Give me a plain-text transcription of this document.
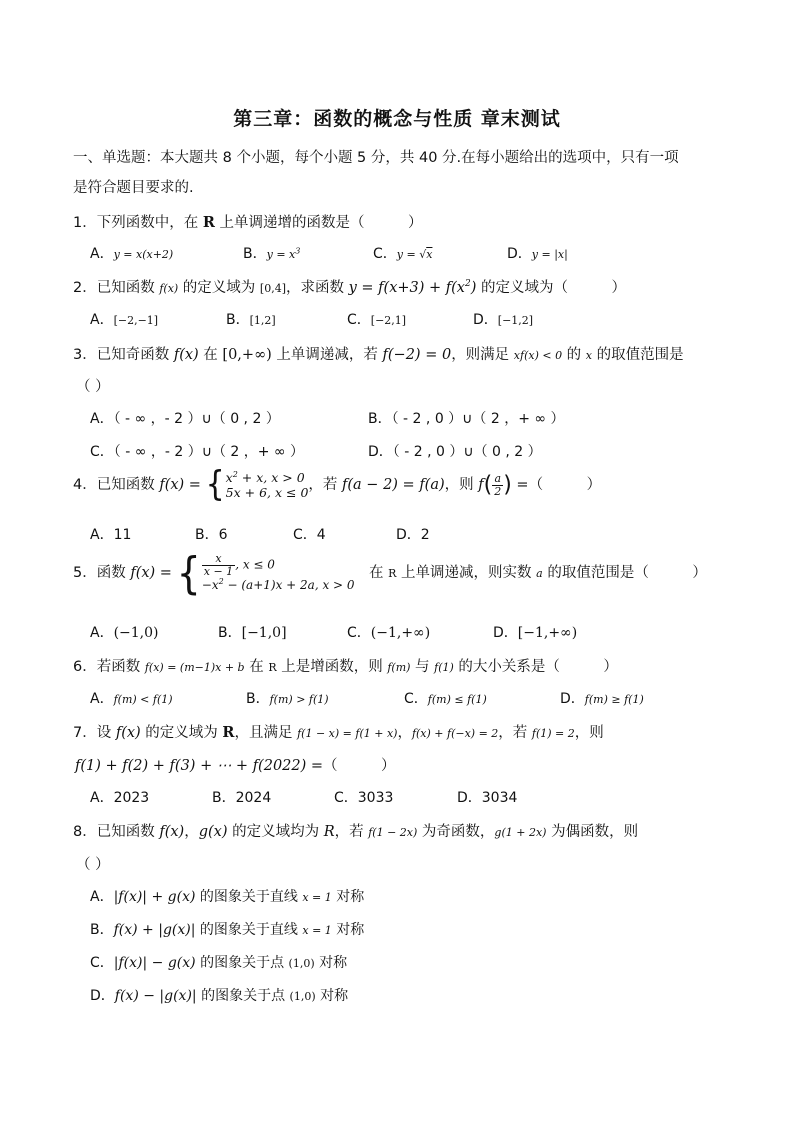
第三章：函数的概念与性质 章末测试
一、单选题：本大题共 8 个小题，每个小题 5 分，共 40 分.在每小题给出的选项中，只有一项
是符合题目要求的.
1．下列函数中，在 R 上单调递增的函数是（   ）
A．y = x(x+2)	B．$y = x^3$	C．y = √x	D．y = |x|
2．已知函数 f(x) 的定义域为 [0,4]，求函数 $y = f(x+3) + f(x^2)$ 的定义域为（   ）
A．[−2,−1]	B．[1,2]	C．[−2,1]	D．[−1,2]
3．已知奇函数 f(x) 在 [0,+∞) 上单调递减，若 f(−2) = 0，则满足 xf(x) < 0 的 x 的取值范围是
（ ）
A．（ - ∞ ，- 2 ）∪（ 0 , 2 ）	B．（ - 2 , 0 ）∪（ 2 ，+ ∞ ）
C．（ - ∞ ，- 2 ）∪（ 2 ，+ ∞ ）	D．（ - 2 , 0 ）∪（ 0 , 2 ）
4．已知函数 f(x) = { $x^2 + x$, x > 0
5x + 6, x ≤ 0 ，若 f(a − 2) = f(a)，则 $f( \frac{a}{2}$ ) =（   ）
A．11	B．6	C．4	D．2
5．函数 f(x) = { $\frac{x}{x - 1}$ , x ≤ 0
$-x^2 - (a+1)x + 2a$, x > 0
 在 R 上单调递减，则实数 a 的取值范围是（   ）
A．(−1,0)	B．[−1,0]	C．(−1,+∞)	D．[−1,+∞)
6．若函数 f(x) = (m−1)x + b 在 R 上是增函数，则 f(m) 与 f(1) 的大小关系是（   ）
A．f(m) < f(1)	B．f(m) > f(1)	C．f(m) ≤ f(1)	D．f(m) ≥ f(1)
7．设 f(x) 的定义域为 R，且满足 f(1 − x) = f(1 + x)，f(x) + f(−x) = 2，若 f(1) = 2，则
f(1) + f(2) + f(3) + ⋯ + f(2022) =（   ）
A．2023	B．2024	C．3033	D．3034
8．已知函数 f(x)，g(x) 的定义域均为 R，若 f(1 − 2x) 为奇函数，g(1 + 2x) 为偶函数，则
（ ）
A．|f(x)| + g(x) 的图象关于直线 x = 1 对称
B．f(x) + |g(x)| 的图象关于直线 x = 1 对称
C．|f(x)| − g(x) 的图象关于点 (1,0) 对称
D．f(x) − |g(x)| 的图象关于点 (1,0) 对称
